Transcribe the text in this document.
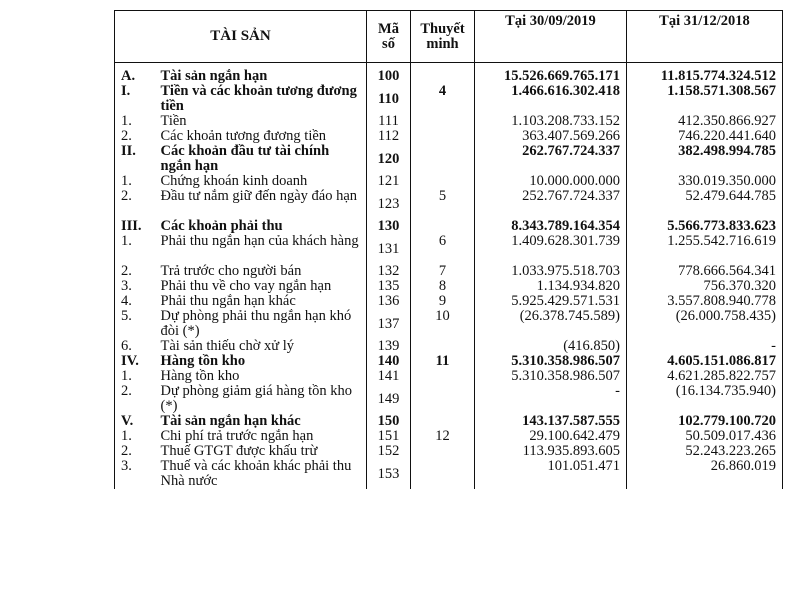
TÀI SẢN		Mã số	Thuyết minh	Tại 30/09/2019	Tại 31/12/2018
A.	Tài sản ngắn hạn	100		15.526.669.765.171	11.815.774.324.512
I.	Tiền và các khoản tương đương tiền	110	4	1.466.616.302.418	1.158.571.308.567
1.	Tiền	111		1.103.208.733.152	412.350.866.927
2.	Các khoản tương đương tiền	112		363.407.569.266	746.220.441.640
II.	Các khoản đầu tư tài chính ngắn hạn	120		262.767.724.337	382.498.994.785
1.	Chứng khoán kinh doanh	121		10.000.000.000	330.019.350.000
2.	Đầu tư nắm giữ đến ngày đáo hạn	123	5	252.767.724.337	52.479.644.785
III.	Các khoản phải thu	130		8.343.789.164.354	5.566.773.833.623
1.	Phải thu ngắn hạn của khách hàng	131	6	1.409.628.301.739	1.255.542.716.619
2.	Trả trước cho người bán	132	7	1.033.975.518.703	778.666.564.341
3.	Phải thu về cho vay ngắn hạn	135	8	1.134.934.820	756.370.320
4.	Phải thu ngắn hạn khác	136	9	5.925.429.571.531	3.557.808.940.778
5.	Dự phòng phải thu ngắn hạn khó đòi (*)	137	10	(26.378.745.589)	(26.000.758.435)
6.	Tài sản thiếu chờ xử lý	139		(416.850)	-
IV.	Hàng tồn kho	140	11	5.310.358.986.507	4.605.151.086.817
1.	Hàng tồn kho	141		5.310.358.986.507	4.621.285.822.757
2.	Dự phòng giảm giá hàng tồn kho (*)	149		-	(16.134.735.940)
V.	Tài sản ngắn hạn khác	150		143.137.587.555	102.779.100.720
1.	Chi phí trả trước ngắn hạn	151	12	29.100.642.479	50.509.017.436
2.	Thuế GTGT được khấu trừ	152		113.935.893.605	52.243.223.265
3.	Thuế và các khoản khác phải thu Nhà nước	153		101.051.471	26.860.019
